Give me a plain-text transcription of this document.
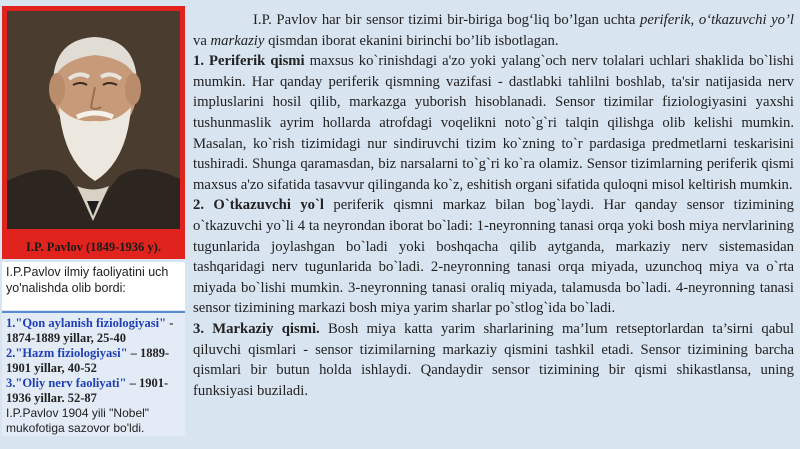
I.P. Pavlov (1849-1936 y).
I.P.Pavlov ilmiy faoliyatini uch yo'nalishda olib bordi:
1."Qon aylanish fiziologiyasi" - 1874-1889 yillar, 25-40
2."Hazm fiziologiyasi" – 1889-1901 yillar, 40-52
3."Oliy nerv faoliyati" – 1901-1936 yillar. 52-87
I.P.Pavlov 1904 yili "Nobel" mukofotiga sazovor bo'ldi.

I.P. Pavlov har bir sensor tizimi bir-biriga bog‘liq bo’lgan uchta periferik, o‘tkazuvchi yo’l va markaziy qismdan iborat ekanini birinchi bo’lib isbotlagan.

1. Periferik qismi maxsus ko`rinishdagi a'zo yoki yalang`och nerv tolalari uchlari shaklida bo`lishi mumkin. Har qanday periferik qismning vazifasi - dastlabki tahlilni boshlab, ta'sir natijasida nerv impluslarini hosil qilib, markazga yuborish hisoblanadi. Sensor tizimilar fiziologiyasini yaxshi tushunmaslik ayrim hollarda atrofdagi voqelikni noto`g`ri talqin qilishga olib kelishi mumkin. Masalan, ko`rish tizimidagi nur sindiruvchi tizim ko`zning to`r pardasiga predmetlarni teskarisini tushiradi. Shunga qaramasdan, biz narsalarni to`g`ri ko`ra olamiz. Sensor tizimlarning periferik qismi maxsus a'zo sifatida tasavvur qilinganda ko`z, eshitish organi sifatida quloqni misol keltirish mumkin.

2. O`tkazuvchi yo`l periferik qismni markaz bilan bog`laydi. Har qanday sensor tizimining o`tkazuvchi yo`li 4 ta neyrondan iborat bo`ladi: 1-neyronning tanasi orqa yoki bosh miya nervlarining tugunlarida joylashgan bo`ladi yoki boshqacha qilib aytganda, markaziy nerv sistemasidan tashqaridagi nerv tugunlarida bo`ladi. 2-neyronning tanasi orqa miyada, uzunchoq miya va o`rta miyada bo`lishi mumkin. 3-neyronning tanasi oraliq miyada, talamusda bo`ladi. 4-neyronning tanasi sensor tizimining markazi bosh miya yarim sharlar po`stlog`ida bo`ladi.

3. Markaziy qismi. Bosh miya katta yarim sharlarining ma’lum retseptorlardan ta’sirni qabul qiluvchi qismlari - sensor tizimilarning markaziy qismini tashkil etadi. Sensor tizimining barcha qismlari bir butun holda ishlaydi. Qandaydir sensor tizimining bir qismi shikastlansa, uning funksiyasi buziladi.
